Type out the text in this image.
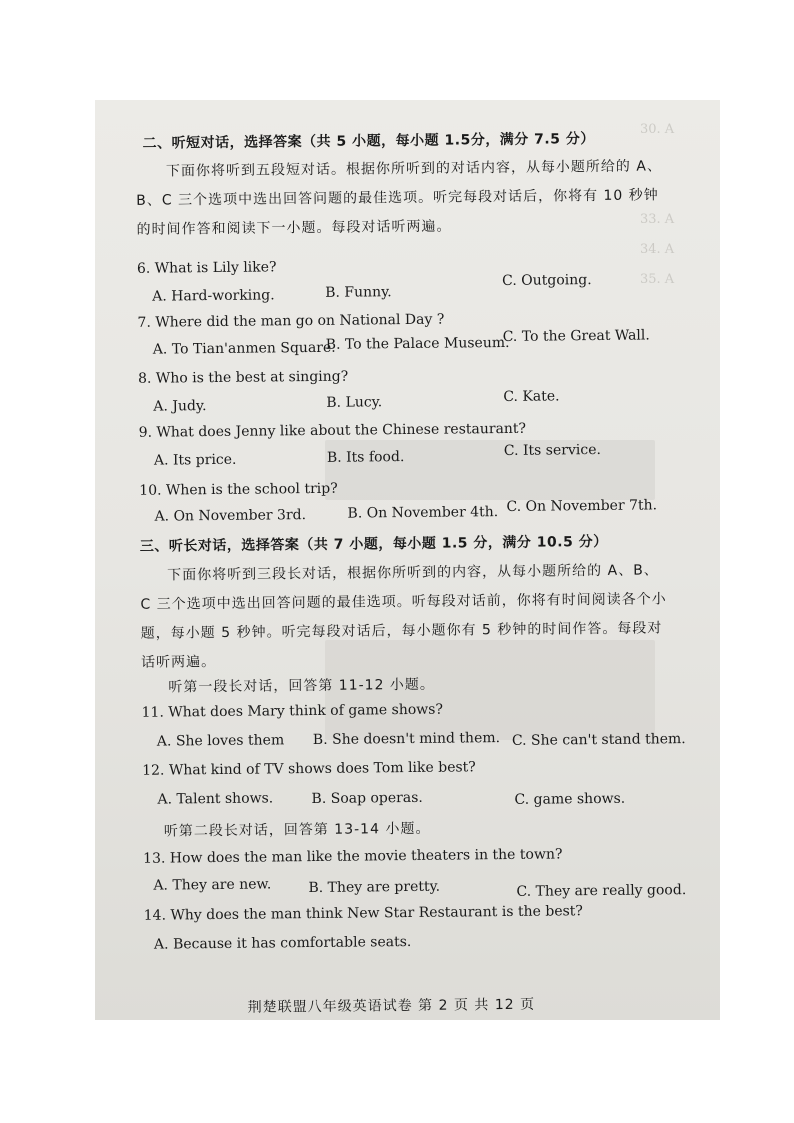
30. A
33. A
34. A
35. A
二、听短对话，选择答案（共 5 小题，每小题 1.5分，满分 7.5 分）
下面你将听到五段短对话。根据你所听到的对话内容，从每小题所给的 A、
B、C 三个选项中选出回答问题的最佳选项。听完每段对话后，你将有 10 秒钟
的时间作答和阅读下一小题。每段对话听两遍。
6. What is Lily like?
A. Hard-working.	B. Funny.
C. Outgoing.
7. Where did the man go on National Day ?
A. To Tian'anmen Square.
B. To the Palace Museum.
C. To the Great Wall.
8. Who is the best at singing?
A. Judy.	B. Lucy.	C. Kate.
9. What does Jenny like about the Chinese restaurant?
A. Its price.	B. Its food.	C. Its service.
10. When is the school trip?
A. On November 3rd.	B. On November 4th. C. On November 7th.
三、听长对话，选择答案（共 7 小题，每小题 1.5 分，满分 10.5 分）
下面你将听到三段长对话，根据你所听到的内容，从每小题所给的 A、B、
C 三个选项中选出回答问题的最佳选项。听每段对话前，你将有时间阅读各个小
题，每小题 5 秒钟。听完每段对话后，每小题你有 5 秒钟的时间作答。每段对
话听两遍。
听第一段长对话，回答第 11-12 小题。
11. What does Mary think of game shows?
A. She loves them B. She doesn't mind them. C. She can't stand them.
12. What kind of TV shows does Tom like best?
A. Talent shows.	B. Soap operas.	C. game shows.
听第二段长对话，回答第 13-14 小题。
13. How does the man like the movie theaters in the town?
A. They are new.	B. They are pretty.	C. They are really good.
14. Why does the man think New Star Restaurant is the best?
A. Because it has comfortable seats.
荆楚联盟八年级英语试卷 第 2 页 共 12 页
